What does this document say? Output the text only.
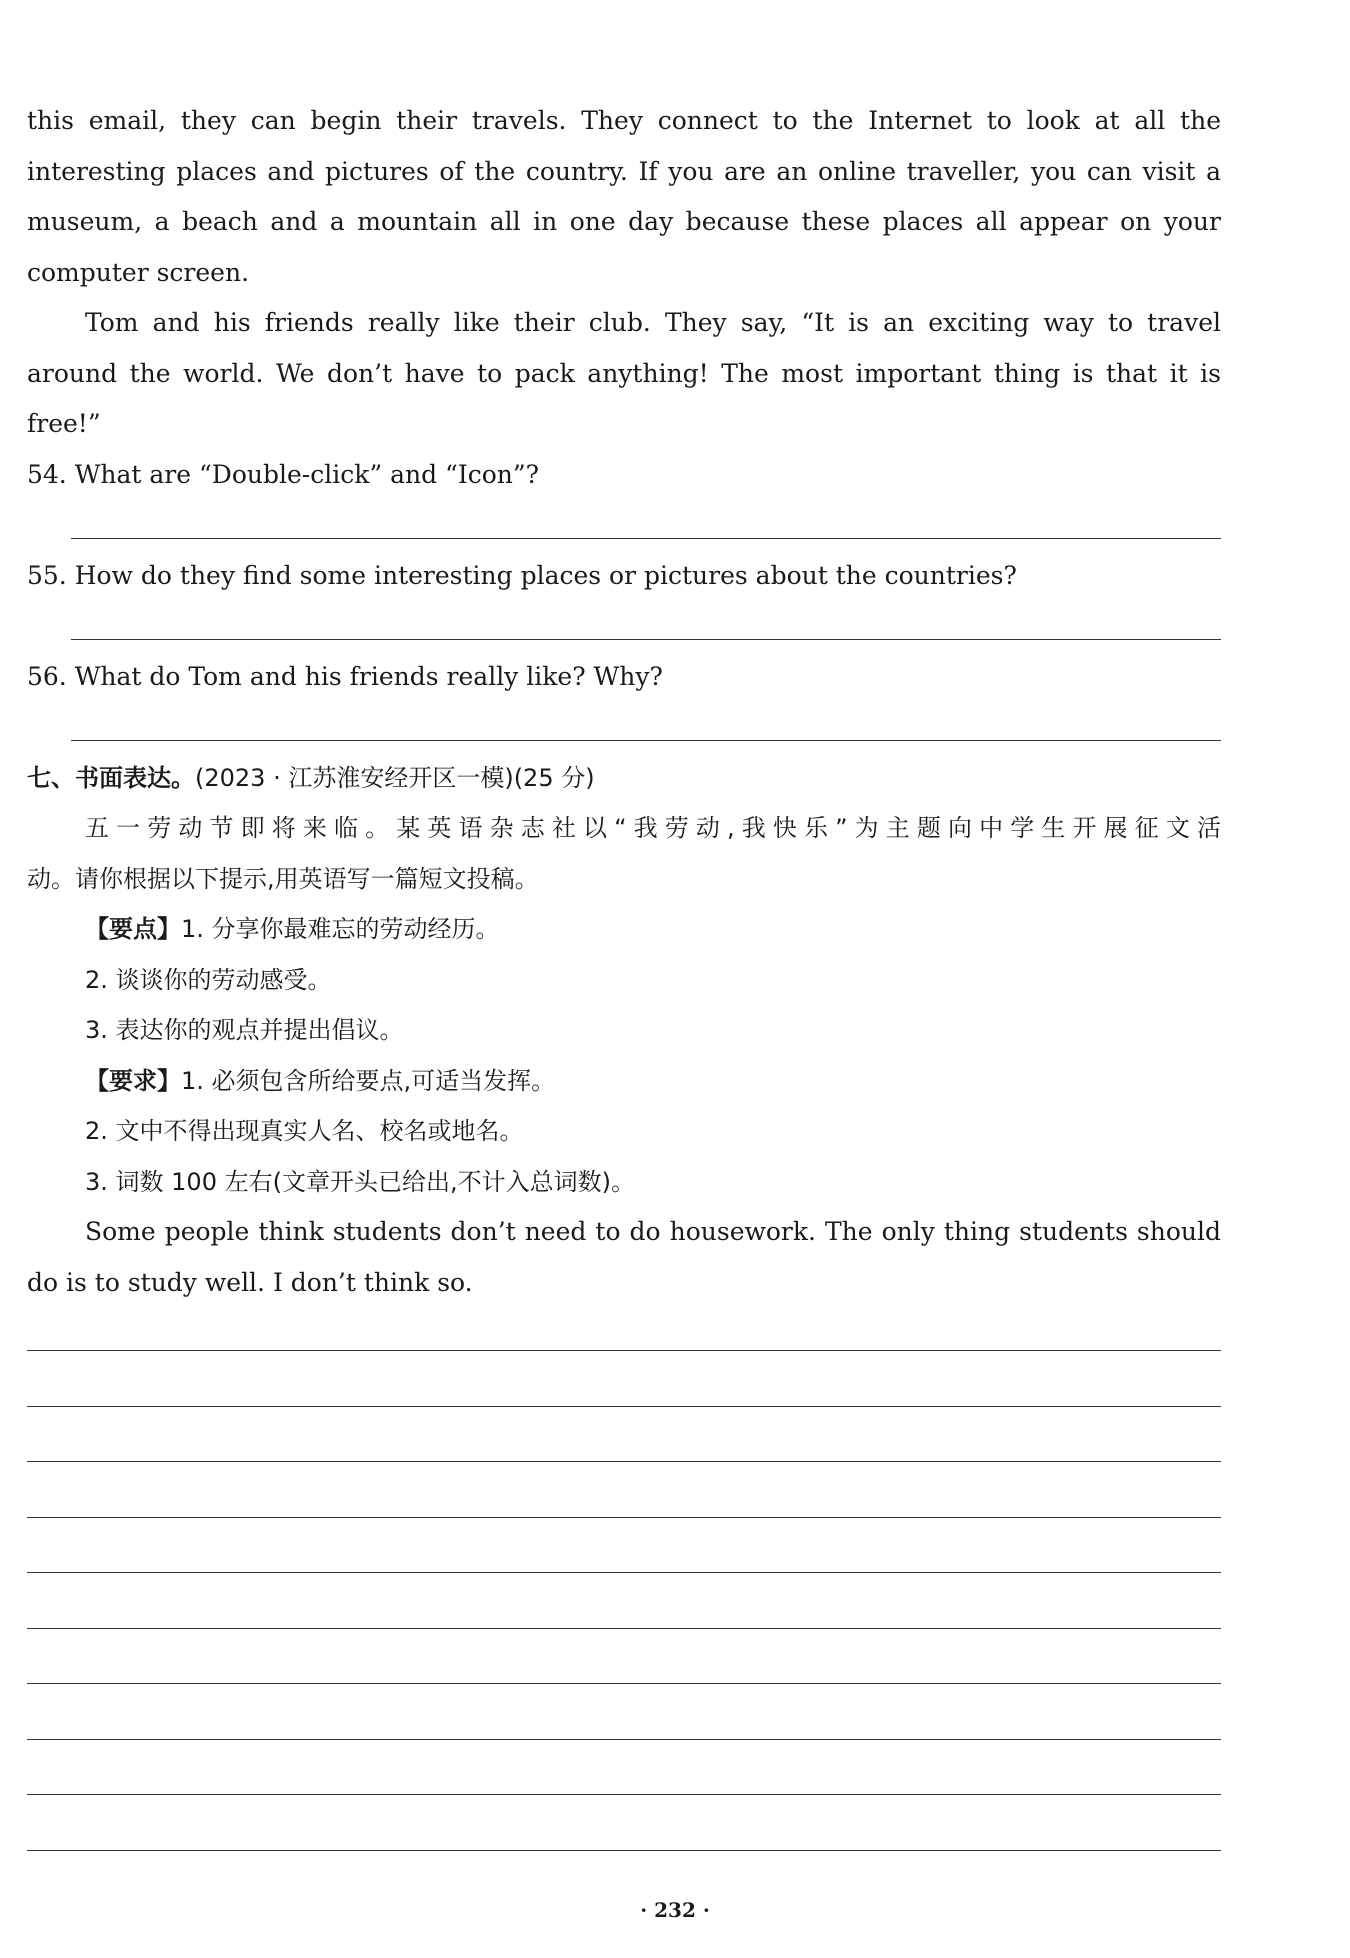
this email, they can begin their travels. They connect to the Internet to look at all the
interesting places and pictures of the country. If you are an online traveller, you can visit a
museum, a beach and a mountain all in one day because these places all appear on your
computer screen.
Tom and his friends really like their club. They say, “It is an exciting way to travel
around the world. We don’t have to pack anything! The most important thing is that it is
free!”
54. What are “Double-click” and “Icon”?
55. How do they find some interesting places or pictures about the countries?
56. What do Tom and his friends really like? Why?
七、书面表达。(2023 · 江苏淮安经开区一模)(25 分)
五一劳动节即将来临。某英语杂志社以“我劳动,我快乐”为主题向中学生开展征文活
动。请你根据以下提示,用英语写一篇短文投稿。
【要点】1. 分享你最难忘的劳动经历。
2. 谈谈你的劳动感受。
3. 表达你的观点并提出倡议。
【要求】1. 必须包含所给要点,可适当发挥。
2. 文中不得出现真实人名、校名或地名。
3. 词数 100 左右(文章开头已给出,不计入总词数)。
Some people think students don’t need to do housework. The only thing students should
do is to study well. I don’t think so.
· 232 ·
